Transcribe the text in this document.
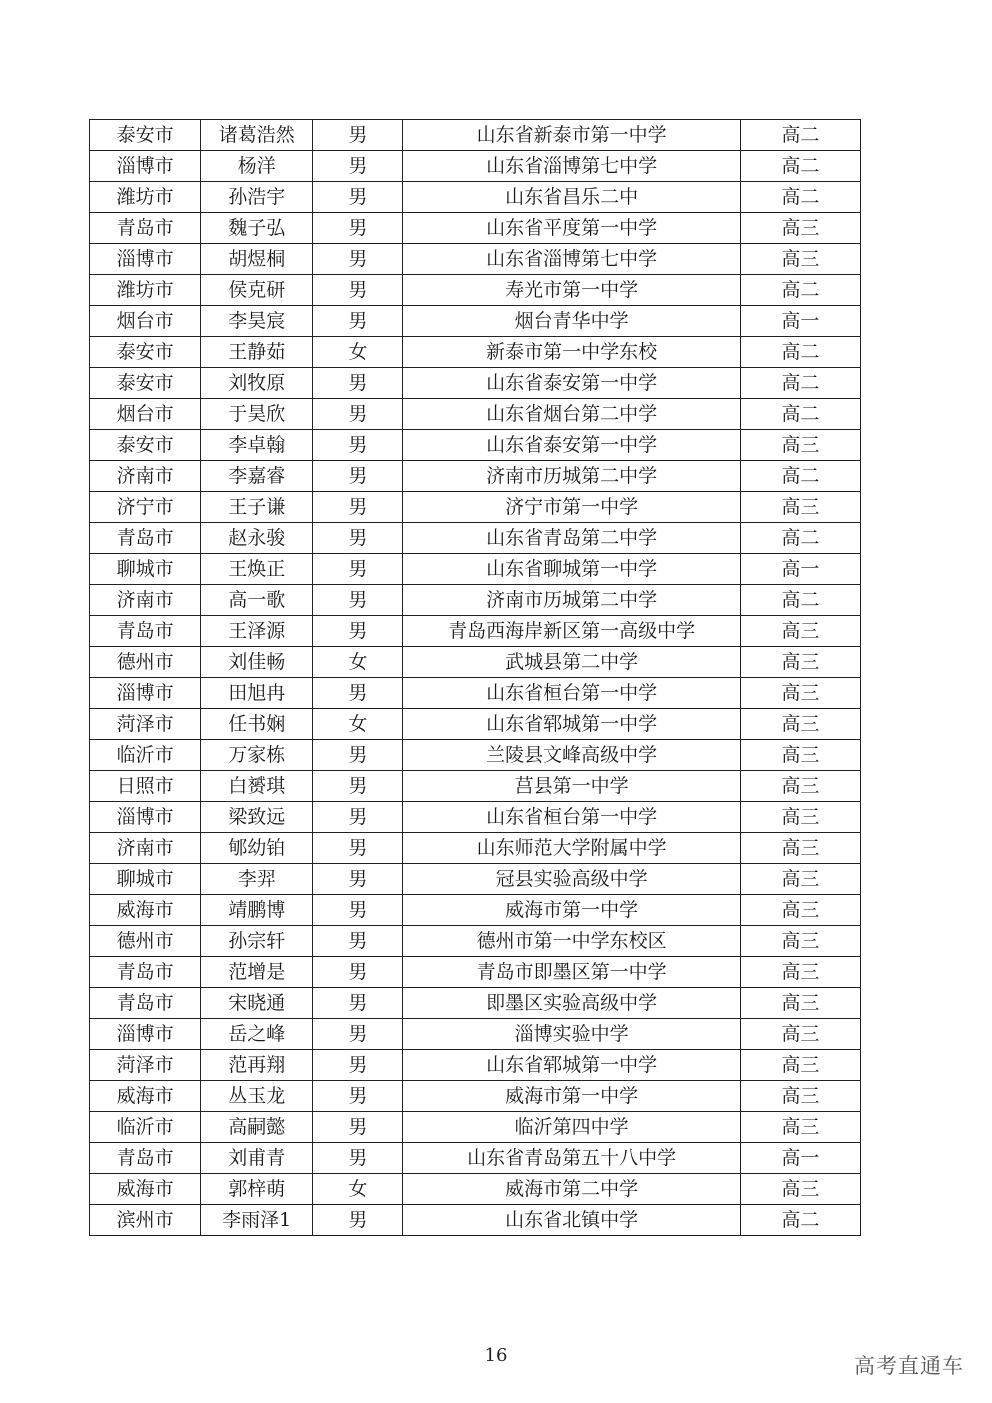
泰安市	诸葛浩然	男	山东省新泰市第一中学	高二
淄博市	杨洋	男	山东省淄博第七中学	高二
潍坊市	孙浩宇	男	山东省昌乐二中	高二
青岛市	魏子弘	男	山东省平度第一中学	高三
淄博市	胡煜桐	男	山东省淄博第七中学	高三
潍坊市	侯克研	男	寿光市第一中学	高二
烟台市	李昊宸	男	烟台青华中学	高一
泰安市	王静茹	女	新泰市第一中学东校	高二
泰安市	刘牧原	男	山东省泰安第一中学	高二
烟台市	于昊欣	男	山东省烟台第二中学	高二
泰安市	李卓翰	男	山东省泰安第一中学	高三
济南市	李嘉睿	男	济南市历城第二中学	高二
济宁市	王子谦	男	济宁市第一中学	高三
青岛市	赵永骏	男	山东省青岛第二中学	高二
聊城市	王焕正	男	山东省聊城第一中学	高一
济南市	高一歌	男	济南市历城第二中学	高二
青岛市	王泽源	男	青岛西海岸新区第一高级中学	高三
德州市	刘佳畅	女	武城县第二中学	高三
淄博市	田旭冉	男	山东省桓台第一中学	高三
菏泽市	任书娴	女	山东省郓城第一中学	高三
临沂市	万家栋	男	兰陵县文峰高级中学	高三
日照市	白赟琪	男	莒县第一中学	高三
淄博市	梁致远	男	山东省桓台第一中学	高三
济南市	郇幼铂	男	山东师范大学附属中学	高三
聊城市	李羿	男	冠县实验高级中学	高三
威海市	靖鹏博	男	威海市第一中学	高三
德州市	孙宗轩	男	德州市第一中学东校区	高三
青岛市	范增是	男	青岛市即墨区第一中学	高三
青岛市	宋晓通	男	即墨区实验高级中学	高三
淄博市	岳之峰	男	淄博实验中学	高三
菏泽市	范再翔	男	山东省郓城第一中学	高三
威海市	丛玉龙	男	威海市第一中学	高三
临沂市	高嗣懿	男	临沂第四中学	高三
青岛市	刘甫青	男	山东省青岛第五十八中学	高一
威海市	郭梓萌	女	威海市第二中学	高三
滨州市	李雨泽1	男	山东省北镇中学	高二
16	高考直通车
